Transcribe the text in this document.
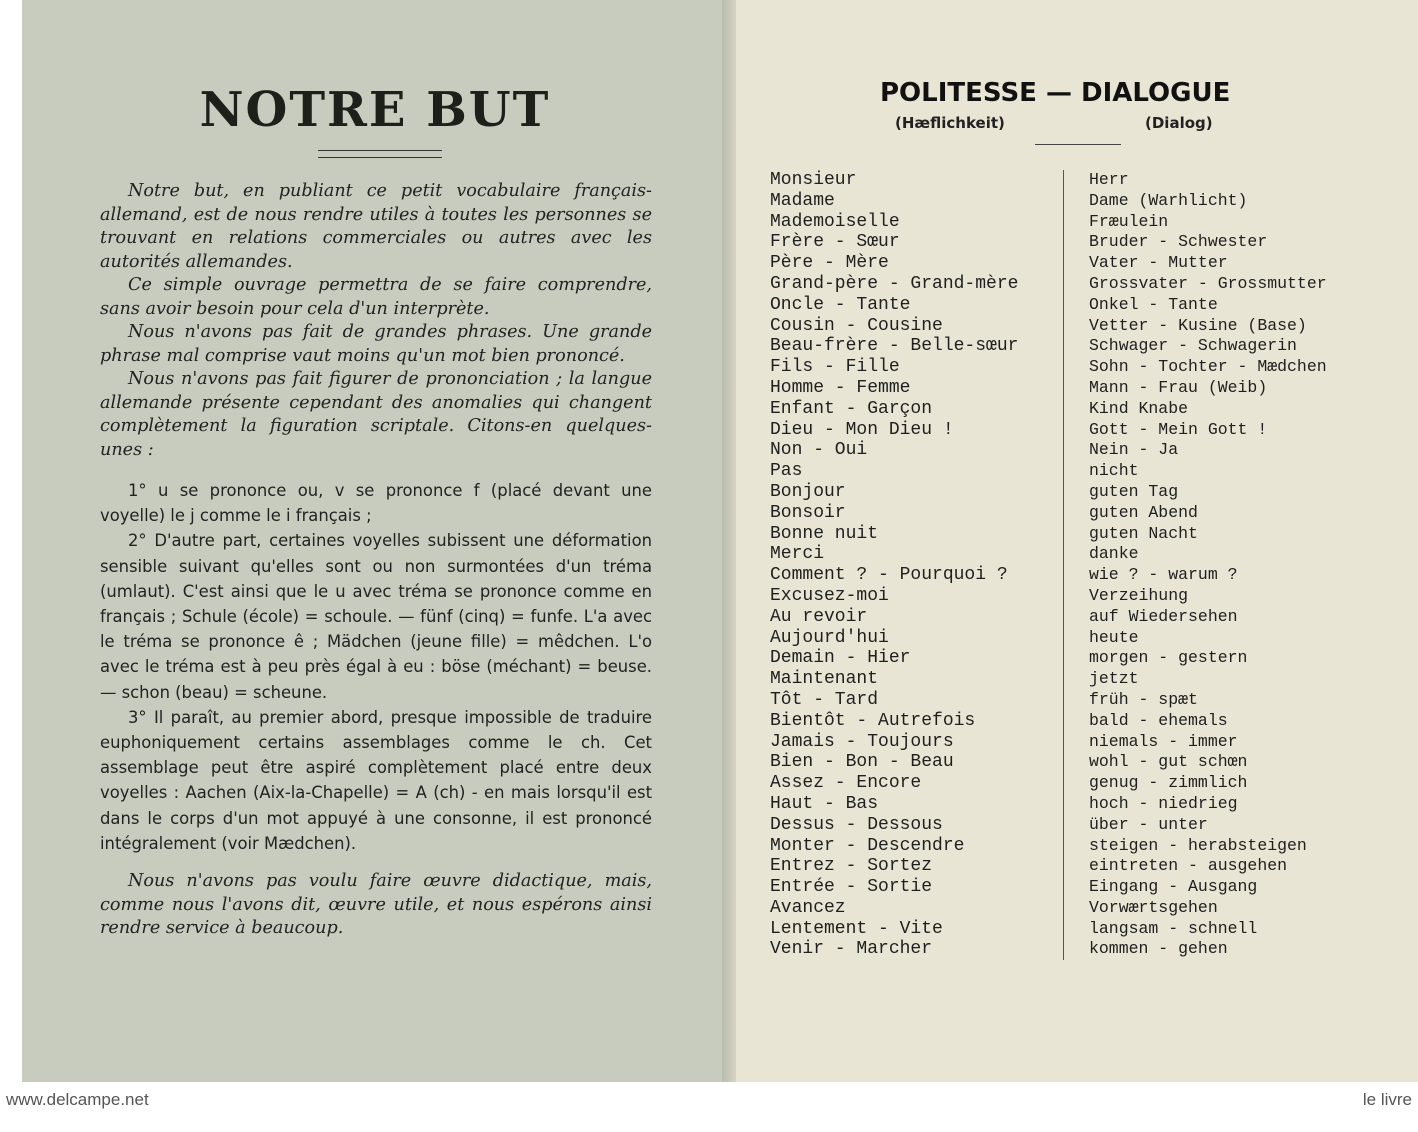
NOTRE BUT

Notre but, en publiant ce petit vocabulaire français-allemand, est de nous rendre utiles à toutes les personnes se trouvant en relations commerciales ou autres avec les autorités allemandes.

Ce simple ouvrage permettra de se faire comprendre, sans avoir besoin pour cela d'un interprète.

Nous n'avons pas fait de grandes phrases. Une grande phrase mal comprise vaut moins qu'un mot bien prononcé.

Nous n'avons pas fait figurer de prononciation ; la langue allemande présente cependant des anomalies qui changent complètement la figuration scriptale. Citons-en quelques-unes :

1° u se prononce ou, v se prononce f (placé devant une voyelle) le j comme le i français ;

2° D'autre part, certaines voyelles subissent une déformation sensible suivant qu'elles sont ou non surmontées d'un tréma (umlaut). C'est ainsi que le u avec tréma se prononce comme en français ; Schule (école) = schoule. — fünf (cinq) = funfe. L'a avec le tréma se prononce ê ; Mädchen (jeune fille) = mêdchen. L'o avec le tréma est à peu près égal à eu : böse (méchant) = beuse. — schon (beau) = scheune.

3° Il paraît, au premier abord, presque impossible de traduire euphoniquement certains assemblages comme le ch. Cet assemblage peut être aspiré complètement placé entre deux voyelles : Aachen (Aix-la-Chapelle) = A (ch) - en mais lorsqu'il est dans le corps d'un mot appuyé à une consonne, il est prononcé intégralement (voir Mædchen).

Nous n'avons pas voulu faire œuvre didactique, mais, comme nous l'avons dit, œuvre utile, et nous espérons ainsi rendre service à beaucoup.

POLITESSE — DIALOGUE
(Hæflichkeit)	(Dialog)
Monsieur
Madame
Mademoiselle
Frère - Sœur
Père - Mère
Grand-père - Grand-mère
Oncle - Tante
Cousin - Cousine
Beau-frère - Belle-sœur
Fils - Fille
Homme - Femme
Enfant - Garçon
Dieu - Mon Dieu !
Non - Oui
Pas
Bonjour
Bonsoir
Bonne nuit
Merci
Comment ? - Pourquoi ?
Excusez-moi
Au revoir
Aujourd'hui
Demain - Hier
Maintenant
Tôt - Tard
Bientôt - Autrefois
Jamais - Toujours
Bien - Bon - Beau
Assez - Encore
Haut - Bas
Dessus - Dessous
Monter - Descendre
Entrez - Sortez
Entrée - Sortie
Avancez
Lentement - Vite
Venir - Marcher
Herr
Dame (Warhlicht)
Fræulein
Bruder - Schwester
Vater - Mutter
Grossvater - Grossmutter
Onkel - Tante
Vetter - Kusine (Base)
Schwager - Schwagerin
Sohn - Tochter - Mædchen
Mann - Frau (Weib)
Kind Knabe
Gott - Mein Gott !
Nein - Ja
nicht
guten Tag
guten Abend
guten Nacht
danke
wie ? - warum ?
Verzeihung
auf Wiedersehen
heute
morgen - gestern
jetzt
früh - spæt
bald - ehemals
niemals - immer
wohl - gut schœn
genug - zimmlich
hoch - niedrieg
über - unter
steigen - herabsteigen
eintreten - ausgehen
Eingang - Ausgang
Vorwærtsgehen
langsam - schnell
kommen - gehen
www.delcampe.net	le livre
